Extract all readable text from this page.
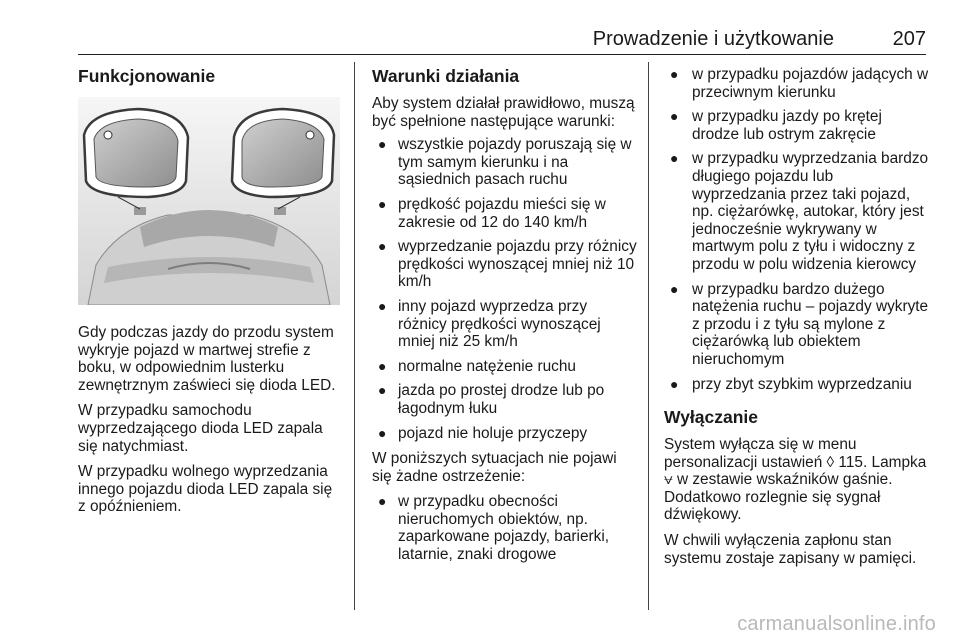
Prowadzenie i użytkowanie	207
Funkcjonowanie

Gdy podczas jazdy do przodu system wykryje pojazd w martwej strefie z boku, w odpowiednim lusterku zewnętrznym zaświeci się dioda LED.

W przypadku samochodu wyprzedzającego dioda LED zapala się natychmiast.

W przypadku wolnego wyprzedzania innego pojazdu dioda LED zapala się z opóźnieniem.

Warunki działania

Aby system działał prawidłowo, muszą być spełnione następujące warunki:

● wszystkie pojazdy poruszają się w tym samym kierunku i na sąsiednich pasach ruchu
● prędkość pojazdu mieści się w zakresie od 12 do 140 km/h
● wyprzedzanie pojazdu przy różnicy prędkości wynoszącej mniej niż 10 km/h
● inny pojazd wyprzedza przy różnicy prędkości wynoszącej mniej niż 25 km/h
● normalne natężenie ruchu
● jazda po prostej drodze lub po łagodnym łuku
● pojazd nie holuje przyczepy

W poniższych sytuacjach nie pojawi się żadne ostrzeżenie:

● w przypadku obecności nieruchomych obiektów, np. zaparkowane pojazdy, barierki, latarnie, znaki drogowe
● w przypadku pojazdów jadących w przeciwnym kierunku
● w przypadku jazdy po krętej drodze lub ostrym zakręcie
● w przypadku wyprzedzania bardzo długiego pojazdu lub wyprzedzania przez taki pojazd, np. ciężarówkę, autokar, który jest jednocześnie wykrywany w martwym polu z tyłu i widoczny z przodu w polu widzenia kierowcy
● w przypadku bardzo dużego natężenia ruchu – pojazdy wykryte z przodu i z tyłu są mylone z ciężarówką lub obiektem nieruchomym
● przy zbyt szybkim wyprzedzaniu
Wyłączanie

System wyłącza się w menu personalizacji ustawień ◊ 115. Lampka ⩝ w zestawie wskaźników gaśnie. Dodatkowo rozlegnie się sygnał dźwiękowy.

W chwili wyłączenia zapłonu stan systemu zostaje zapisany w pamięci.

carmanualsonline.info
